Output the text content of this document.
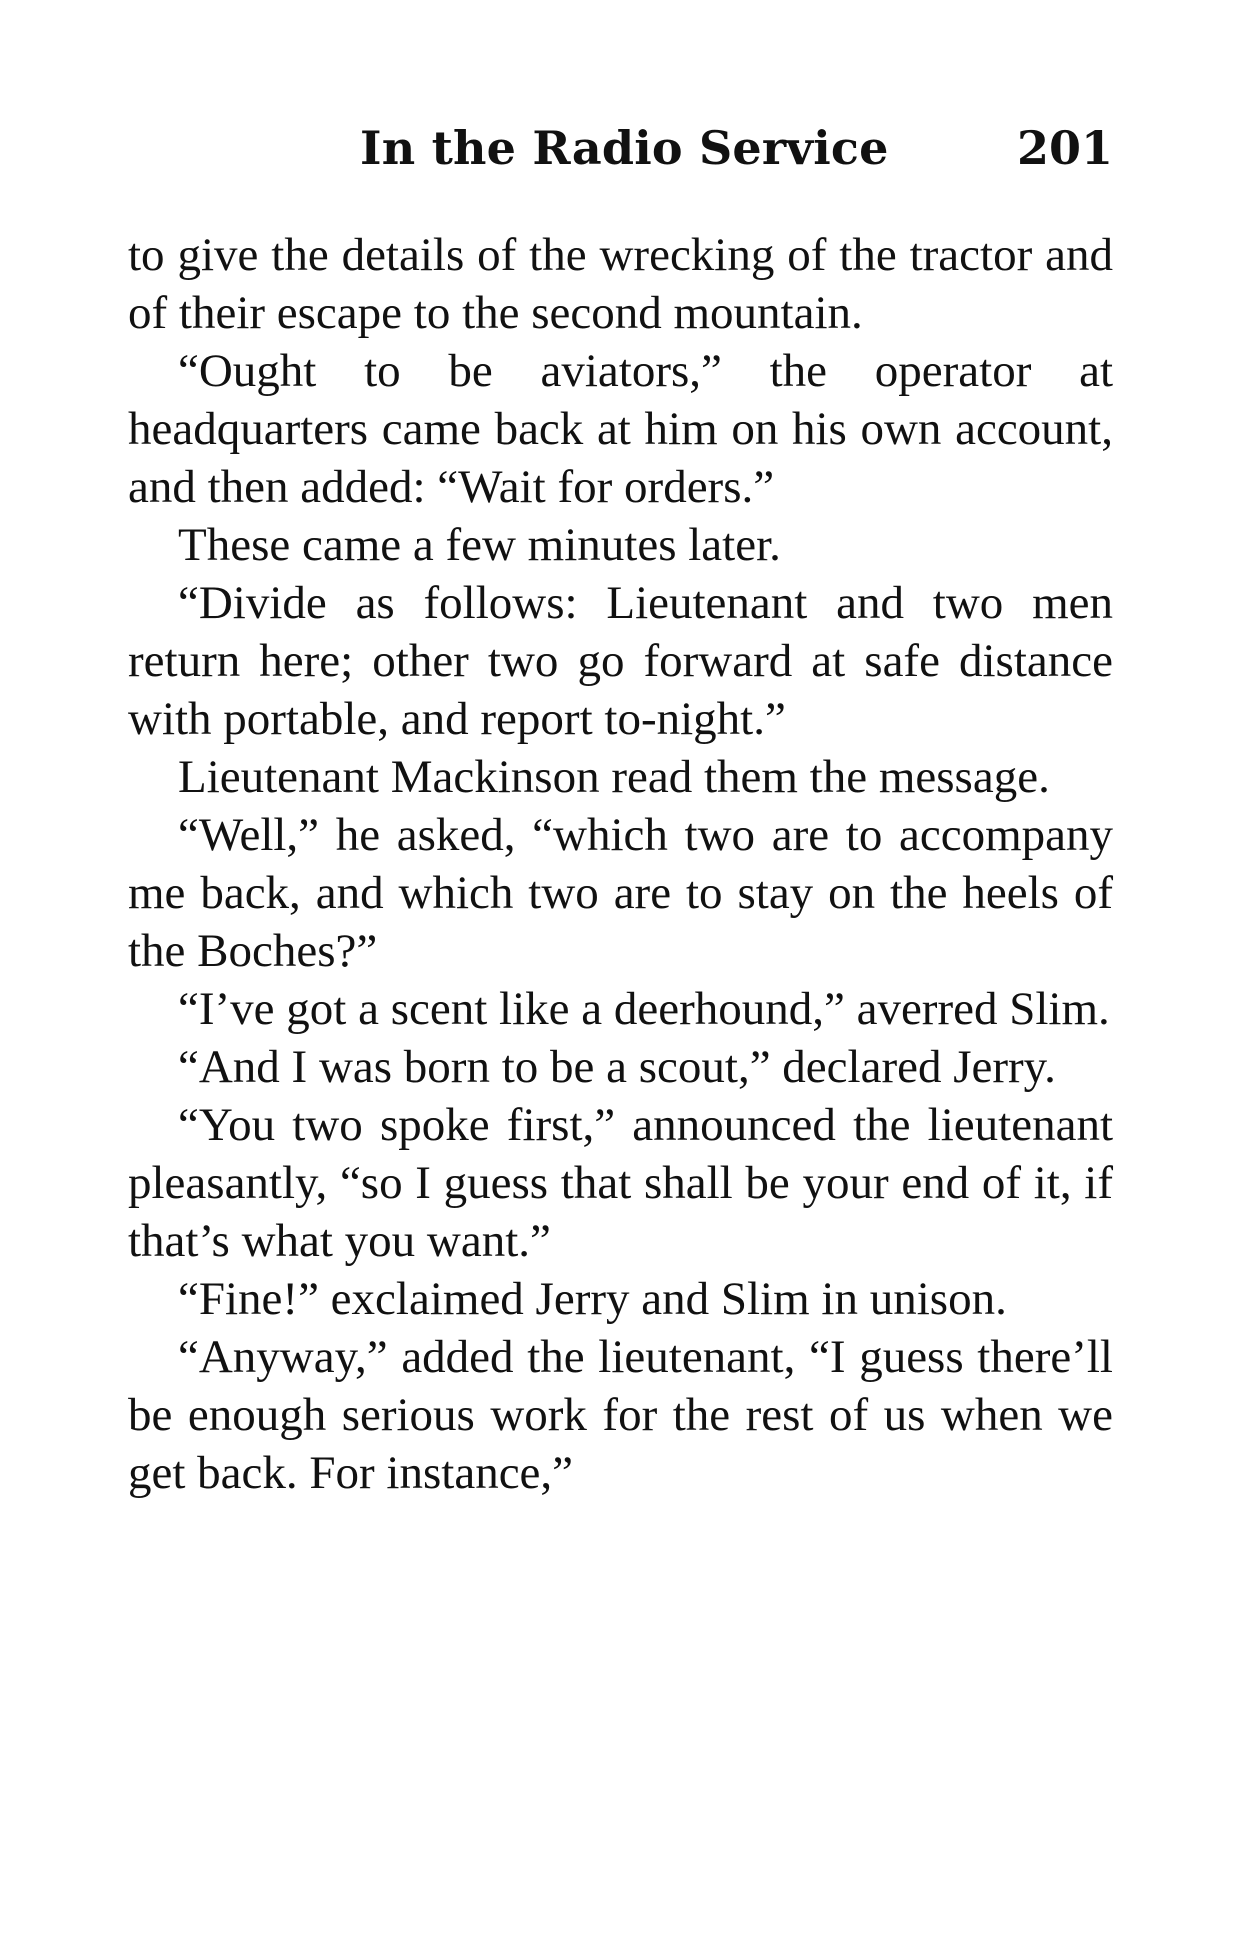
In the Radio Service	201

to give the details of the wrecking of the tractor and of their escape to the second mountain.

“Ought to be aviators,” the operator at headquarters came back at him on his own account, and then added: “Wait for orders.”

These came a few minutes later.

“Divide as follows: Lieutenant and two men return here; other two go forward at safe distance with portable, and report to-night.”

Lieutenant Mackinson read them the message.

“Well,” he asked, “which two are to accompany me back, and which two are to stay on the heels of the Boches?”

“I’ve got a scent like a deerhound,” averred Slim.

“And I was born to be a scout,” declared Jerry.

“You two spoke first,” announced the lieutenant pleasantly, “so I guess that shall be your end of it, if that’s what you want.”

“Fine!” exclaimed Jerry and Slim in unison.

“Anyway,” added the lieutenant, “I guess there’ll be enough serious work for the rest of us when we get back. For instance,”
